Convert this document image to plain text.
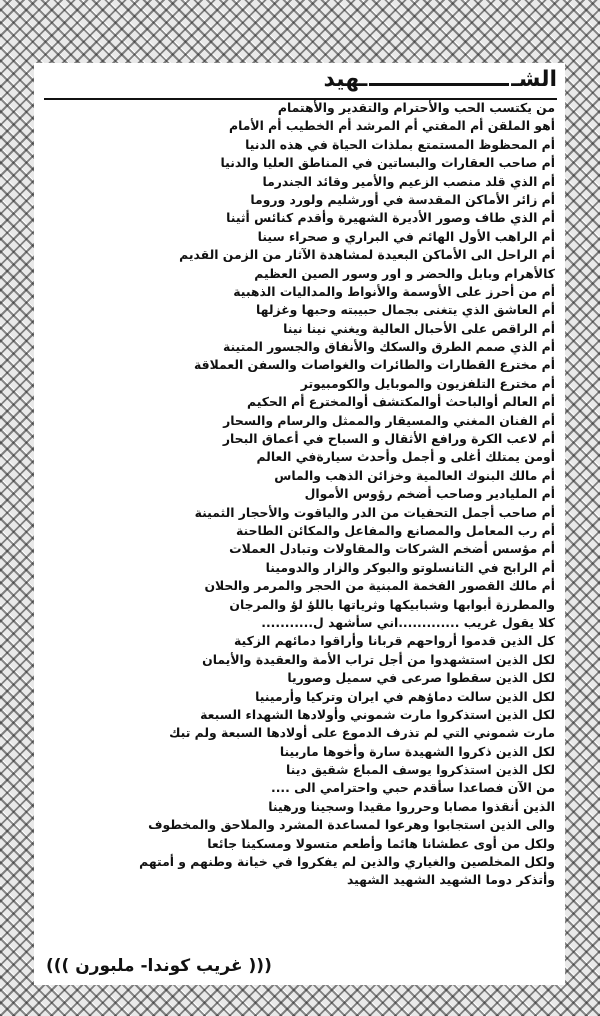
الشـ
ـهيد
من يكتسب الحب والأحترام والتقدير والأهتمام
أهو الملقن أم المفتي أم المرشد أم الخطيب أم الأمام
أم المحظوظ المستمتع بملذات الحياة في هذه الدنيا
أم صاحب العقارات والبساتين في المناطق العليا والدنيا
أم الذي قلد منصب الزعيم والأمير وقائد الجندرما
أم زائر الأماكن المقدسة في أورشليم ولورد وروما
أم الذي طاف وصور الأديرة الشهيرة وأقدم كنائس أثينا
أم الراهب الأول الهائم في البراري و صحراء سينا
أم الراحل الى الأماكن البعيدة لمشاهدة الآثار من الزمن القديم
كالأهرام وبابل والحضر و اور وسور الصين العظيم
أم من أحرز على الأوسمة والأنواط والمداليات الذهبية
أم العاشق الذي يتغنى بجمال حبيبته وحبها وغزلها
أم الراقص على الأحبال العالية ويغني نينا نينا
أم الذي صمم الطرق والسكك والأنفاق والجسور المتينة
أم مخترع القطارات والطائرات والغواصات والسفن العملاقة
أم مخترع التلفزيون والموبايل والكومبيوتر
أم العالم أوالباحث أوالمكتشف أوالمخترع أم الحكيم
أم الفنان المغني والمسيقار والممثل والرسام والسحار
أم لاعب الكرة ورافع الأثقال و السباح في أعماق البحار
أومن يمتلك أغلى و أجمل وأحدث سيارةفي العالم
أم مالك البنوك العالمية وخزائن الذهب والماس
أم المليادير وصاحب أضخم رؤوس الأموال
أم صاحب أجمل التحفيات من الدر والياقوت والأحجار الثمينة
أم رب المعامل والمصانع والمفاعل والمكائن الطاحنة
أم مؤسس أضخم الشركات والمقاولات وتبادل العملات
أم الرابح في التانسلوتو والبوكر والزار والدومينا
أم مالك القصور الفخمة المبنية من الحجر والمرمر والحلان
والمطرزة أبوابها وشبابيكها وثرياتها باللؤ لؤ والمرجان
كلا يقول غريب .............اني سأشهد ل...........
كل الذين قدموا أرواحهم قربانا وأراقوا دمائهم الزكية
لكل الذين استشهدوا من أجل تراب الأمة والعقيدة والأيمان
لكل الذين سقطوا صرعى في سميل وصوريا
لكل الذين سالت دماؤهم في ايران وتركيا وأرمينيا
لكل الذين استذكروا مارت شموني وأولادها الشهداء السبعة
مارت شموني التي لم تذرف الدموع على أولادها السبعة ولم تبك
لكل الذين ذكروا الشهيدة سارة وأخوها ماربينا
لكل الذين استذكروا يوسف المباع شقيق دينا
من الآن فصاعدا سأقدم حبي واحترامي الى ....
الذين أنقذوا مصابا وحرروا مقيدا وسجينا ورهينا
والى الذين استجابوا وهرعوا لمساعدة المشرد والملاحق والمخطوف
ولكل من أوى عطشانا هائما وأطعم متسولا ومسكينا جائعا
ولكل المخلصين والغياري والذين لم يفكروا في خيانة وطنهم و أمتهم
وأتذكر دوما الشهيد الشهيد الشهيد
((( غريب كوندا- ملبورن )))
